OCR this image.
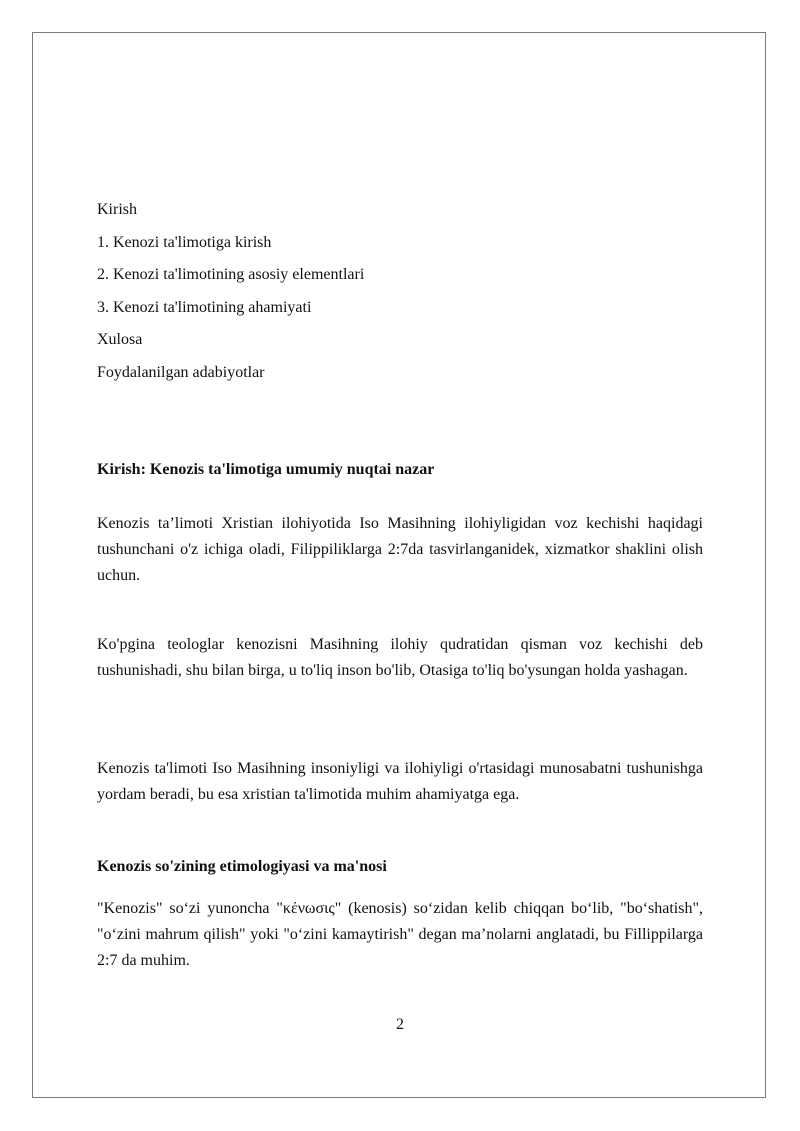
Kirish
1. Kenozi ta'limotiga kirish
2. Kenozi ta'limotining asosiy elementlari
3. Kenozi ta'limotining ahamiyati
Xulosa
Foydalanilgan adabiyotlar
Kirish: Kenozis ta'limotiga umumiy nuqtai nazar
Kenozis ta’limoti Xristian ilohiyotida Iso Masihning ilohiyligidan voz kechishi haqidagi tushunchani o'z ichiga oladi, Filippiliklarga 2:7da tasvirlanganidek, xizmatkor shaklini olish uchun.
Ko'pgina teologlar kenozisni Masihning ilohiy qudratidan qisman voz kechishi deb tushunishadi, shu bilan birga, u to'liq inson bo'lib, Otasiga to'liq bo'ysungan holda yashagan.
Kenozis ta'limoti Iso Masihning insoniyligi va ilohiyligi o'rtasidagi munosabatni tushunishga yordam beradi, bu esa xristian ta'limotida muhim ahamiyatga ega.
Kenozis so'zining etimologiyasi va ma'nosi
"Kenozis" so‘zi yunoncha "κένωσις" (kenosis) so‘zidan kelib chiqqan bo‘lib, "bo‘shatish", "o‘zini mahrum qilish" yoki "o‘zini kamaytirish" degan ma’nolarni anglatadi, bu Fillippilarga 2:7 da muhim.
2
